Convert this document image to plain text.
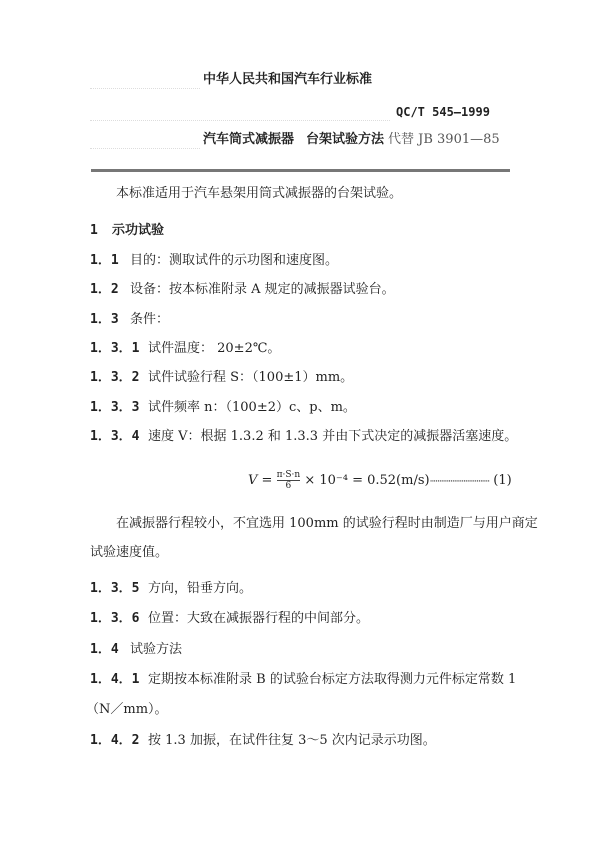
中华人民共和国汽车行业标准
QC/T 545—1999
汽车筒式减振器 台架试验方法 代替 JB 3901—85
本标准适用于汽车悬架用筒式减振器的台架试验。
1 示功试验
1．1 目的：测取试件的示功图和速度图。
1．2 设备：按本标准附录 A 规定的减振器试验台。
1．3 条件：
1．3．1 试件温度： 20±2℃。
1．3．2 试件试验行程 S：（100±1）mm。
1．3．3 试件频率 n：（100±2）c、p、m。
1．3．4 速度 V：根据 1.3.2 和 1.3.3 并由下式决定的减振器活塞速度。
$V = \frac{\pi\cdot S\cdot n}{6} \times 10^{-4} = 0.52(m/s)\cdot\cdot\cdot\cdot\cdot\cdot\cdot\cdot\cdot\cdot\cdot\cdot\cdot\cdot\cdot\cdot\cdot\cdot\cdot\cdot\cdot\cdot\cdot\cdot\cdot\cdot\cdot\cdot\cdot\cdot\cdot\cdot (1)$
在减振器行程较小，不宜选用 100mm 的试验行程时由制造厂与用户商定
试验速度值。
1．3．5 方向，铅垂方向。
1．3．6 位置：大致在减振器行程的中间部分。
1．4 试验方法
1．4．1 定期按本标准附录 B 的试验台标定方法取得测力元件标定常数 1
（N／mm）。
1．4．2 按 1.3 加振，在试件往复 3～5 次内记录示功图。
